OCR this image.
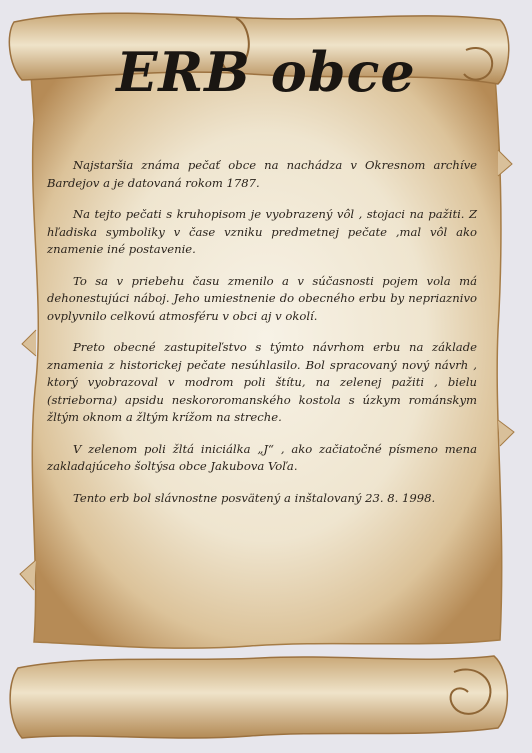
ERB obce

Najstaršia známa pečať obce na nachádza v Okresnom archíve Bardejov a je datovaná rokom 1787.

Na tejto pečati s kruhopisom je vyobrazený vôl , stojaci na pažiti. Z hľadiska symboliky v čase vzniku predmetnej pečate ,mal vôl ako znamenie iné postavenie.

To sa v priebehu času zmenilo a v súčasnosti pojem vola má dehonestujúci náboj. Jeho umiestnenie do obecného erbu by nepriaznivo ovplyvnilo celkovú atmosféru v obci aj v okolí.

Preto obecné zastupiteľstvo s týmto návrhom erbu na základe znamenia z historickej pečate nesúhlasilo. Bol spracovaný nový návrh , ktorý vyobrazoval v modrom poli štítu, na zelenej pažiti , bielu (strieborna) apsidu neskororomanského kostola s úzkym románskym žltým oknom a žltým krížom na streche.

V zelenom poli žltá iniciálka „J“ , ako začiatočné písmeno mena zakladajúceho šoltýsa obce Jakubova Voľa.

Tento erb bol slávnostne posvätený a inštalovaný 23. 8. 1998.
